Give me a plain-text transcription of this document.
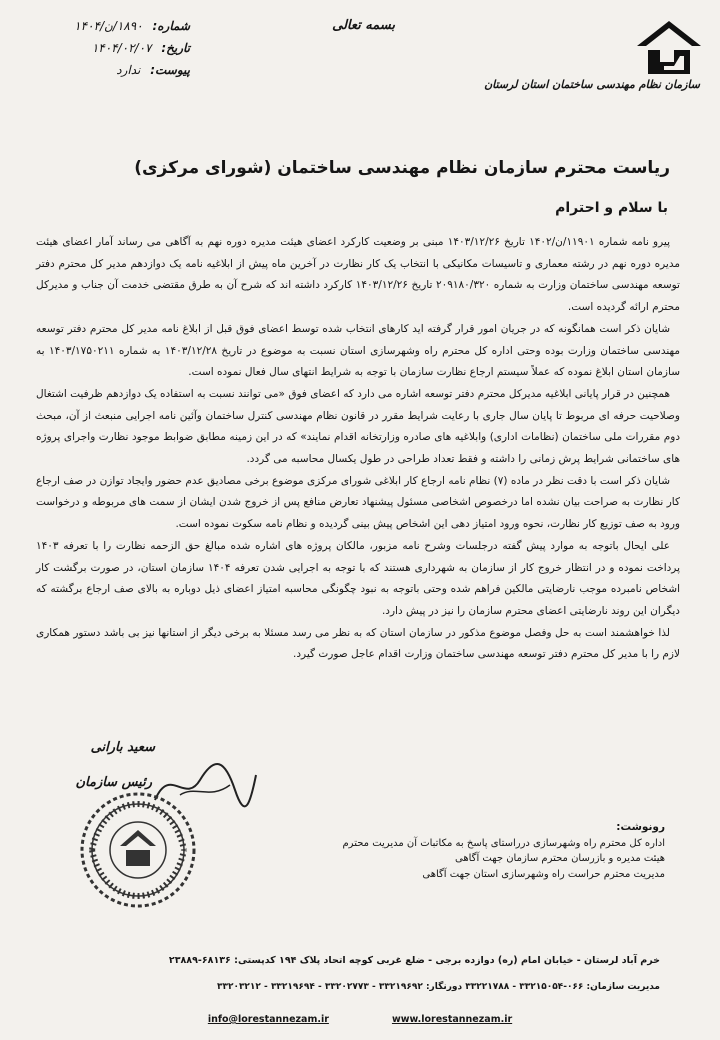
سازمان نظام مهندسی ساختمان استان لرستان
بسمه تعالی
شماره: ۱۸۹۰/ن/۱۴۰۴
تاریخ: ۱۴۰۴/۰۲/۰۷
پیوست: ندارد
ریاست محترم سازمان نظام مهندسی ساختمان (شورای مرکزی)
با سلام و احترام

پیرو نامه شماره ۱۱۹۰۱/ن/۱۴۰۲ تاریخ ۱۴۰۳/۱۲/۲۶ مبنی بر وضعیت کارکرد اعضای هیئت مدیره دوره نهم به آگاهی می رساند آمار اعضای هیئت مدیره دوره نهم در رشته معماری و تاسیسات مکانیکی با انتخاب یک کار نظارت در آخرین ماه پیش از ابلاغیه نامه یک دوازدهم مدیر کل محترم دفتر توسعه مهندسی ساختمان وزارت به شماره ۲۰۹۱۸۰/۳۲۰ تاریخ ۱۴۰۳/۱۲/۲۶ کارکرد داشته اند که شرح آن به طرق مقتضی خدمت آن جناب و مدیرکل محترم ارائه گردیده است.

شایان ذکر است همانگونه که در جریان امور قرار گرفته اید کارهای انتخاب شده توسط اعضای فوق قبل از ابلاغ نامه مدیر کل محترم دفتر توسعه مهندسی ساختمان وزارت بوده وحتی اداره کل محترم راه وشهرسازی استان نسبت به موضوع در تاریخ ۱۴۰۳/۱۲/۲۸ به شماره ۱۴۰۳/۱۷۵۰۲۱۱ به سازمان استان ابلاغ نموده که عملاً سیستم ارجاع نظارت سازمان با توجه به شرایط انتهای سال فعال نموده است.

همچنین در قرار پایانی ابلاغیه مدیرکل محترم دفتر توسعه اشاره می دارد که اعضای فوق «می توانند نسبت به استفاده یک دوازدهم ظرفیت اشتغال وصلاحیت حرفه ای مربوط تا پایان سال جاری با رعایت شرایط مقرر در قانون نظام مهندسی کنترل ساختمان وآئین نامه اجرایی منبعث از آن، مبحث دوم مقررات ملی ساختمان (نظامات اداری) وابلاغیه های صادره وزارتخانه اقدام نمایند» که در این زمینه مطابق ضوابط موجود نظارت واجرای پروژه های ساختمانی شرایط پرش زمانی را داشته و فقط تعداد طراحی در طول یکسال محاسبه می گردد.

شایان ذکر است با دقت نظر در ماده (۷) نظام نامه ارجاع کار ابلاغی شورای مرکزی موضوع برخی مصادیق عدم حضور وایجاد توازن در صف ارجاع کار نظارت به صراحت بیان نشده اما درخصوص اشخاصی مسئول پیشنهاد تعارض منافع پس از خروج شدن ایشان از سمت های مربوطه و درخواست ورود به صف توزیع کار نظارت، نحوه ورود امتیاز دهی این اشخاص پیش بینی گردیده و نظام نامه سکوت نموده است.

علی ایحال باتوجه به موارد پیش گفته درجلسات وشرح نامه مزبور، مالکان پروژه های اشاره شده مبالغ حق الزحمه نظارت را با تعرفه ۱۴۰۳ پرداخت نموده و در انتظار خروج کار از سازمان به شهرداری هستند که با توجه به اجرایی شدن تعرفه ۱۴۰۴ سازمان استان، در صورت برگشت کار اشخاص نامبرده موجب نارضایتی مالکین فراهم شده وحتی باتوجه به نبود چگونگی محاسبه امتیاز اعضای ذیل دوباره به بالای صف ارجاع برگشته که دیگران این روند نارضایتی اعضای محترم سازمان را نیز در پیش دارد.

لذا خواهشمند است به حل وفصل موضوع مذکور در سازمان استان که به نظر می رسد مسئلا به برخی دیگر از استانها نیز بی باشد دستور همکاری لازم را با مدیر کل محترم دفتر توسعه مهندسی ساختمان وزارت اقدام عاجل صورت گیرد.

سعید بارانی
رئیس سازمان
رونوشت:
اداره کل محترم راه وشهرسازی درراستای پاسخ به مکاتبات آن مدیریت محترم
هیئت مدیره و بازرسان محترم سازمان جهت آگاهی
مدیریت محترم حراست راه وشهرسازی استان جهت آگاهی
خرم آباد لرستان - خیابان امام (ره) دوازده برجی - ضلع غربی کوچه اتحاد پلاک ۱۹۴ کدپستی: ۶۸۱۳۶-۲۳۸۸۹
مدیریت سازمان: ۰۶۶-۳۳۲۱۵۰۵۴ - ۳۳۲۲۱۷۸۸ دورنگار: ۳۳۲۱۹۶۹۲ - ۳۳۲۰۲۷۷۳ - ۳۳۲۱۹۶۹۴ - ۳۳۲۰۳۲۱۲
info@lorestannezam.ir	www.lorestannezam.ir
